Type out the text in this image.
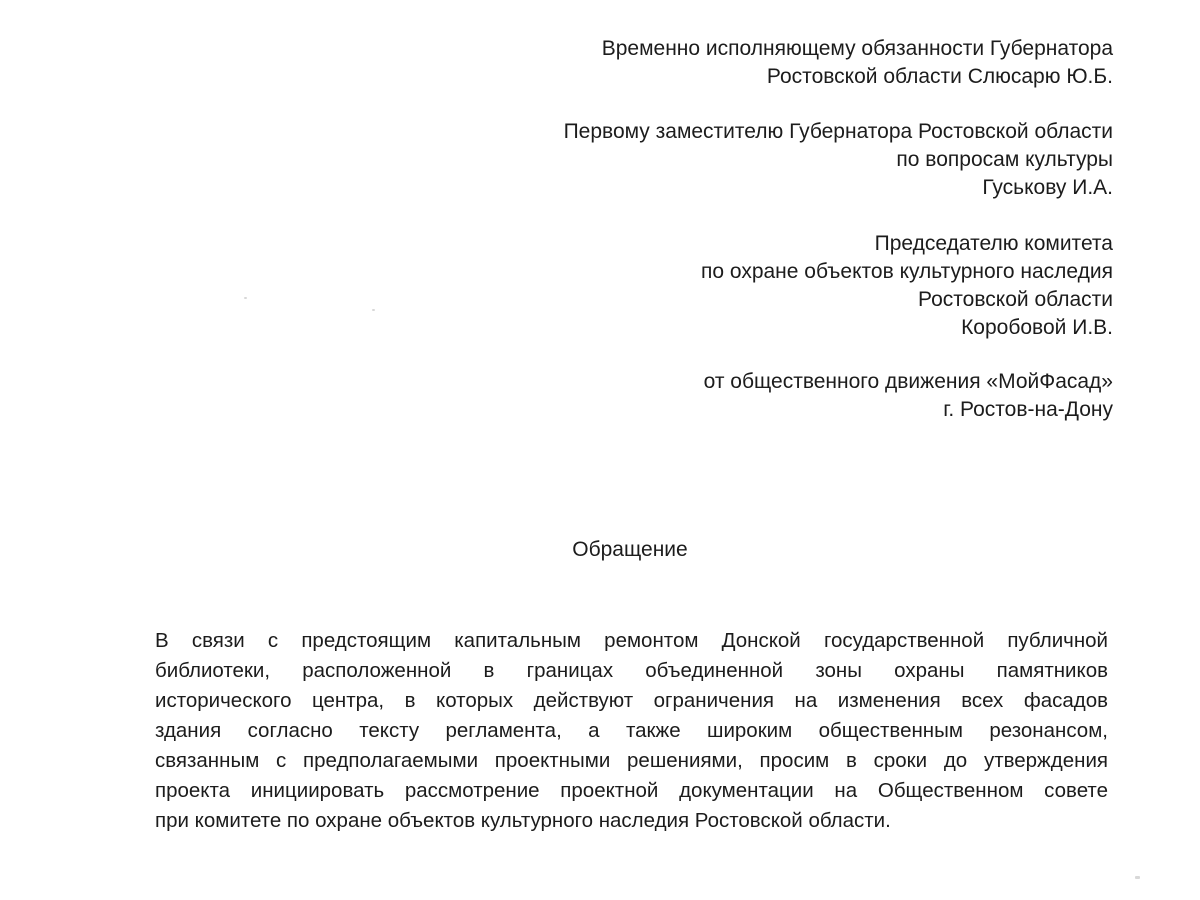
Временно исполняющему обязанности Губернатора
Ростовской области Слюсарю Ю.Б.
Первому заместителю Губернатора Ростовской области
по вопросам культуры
Гуськову И.А.
Председателю комитета
по охране объектов культурного наследия
Ростовской области
Коробовой И.В.
от общественного движения «МойФасад»
г. Ростов-на-Дону
Обращение
В связи с предстоящим капитальным ремонтом Донской государственной публичной
библиотеки, расположенной в границах объединенной зоны охраны памятников
исторического центра, в которых действуют ограничения на изменения всех фасадов
здания согласно тексту регламента, а также широким общественным резонансом,
связанным с предполагаемыми проектными решениями, просим в сроки до утверждения
проекта инициировать рассмотрение проектной документации на Общественном совете
при комитете по охране объектов культурного наследия Ростовской области.
